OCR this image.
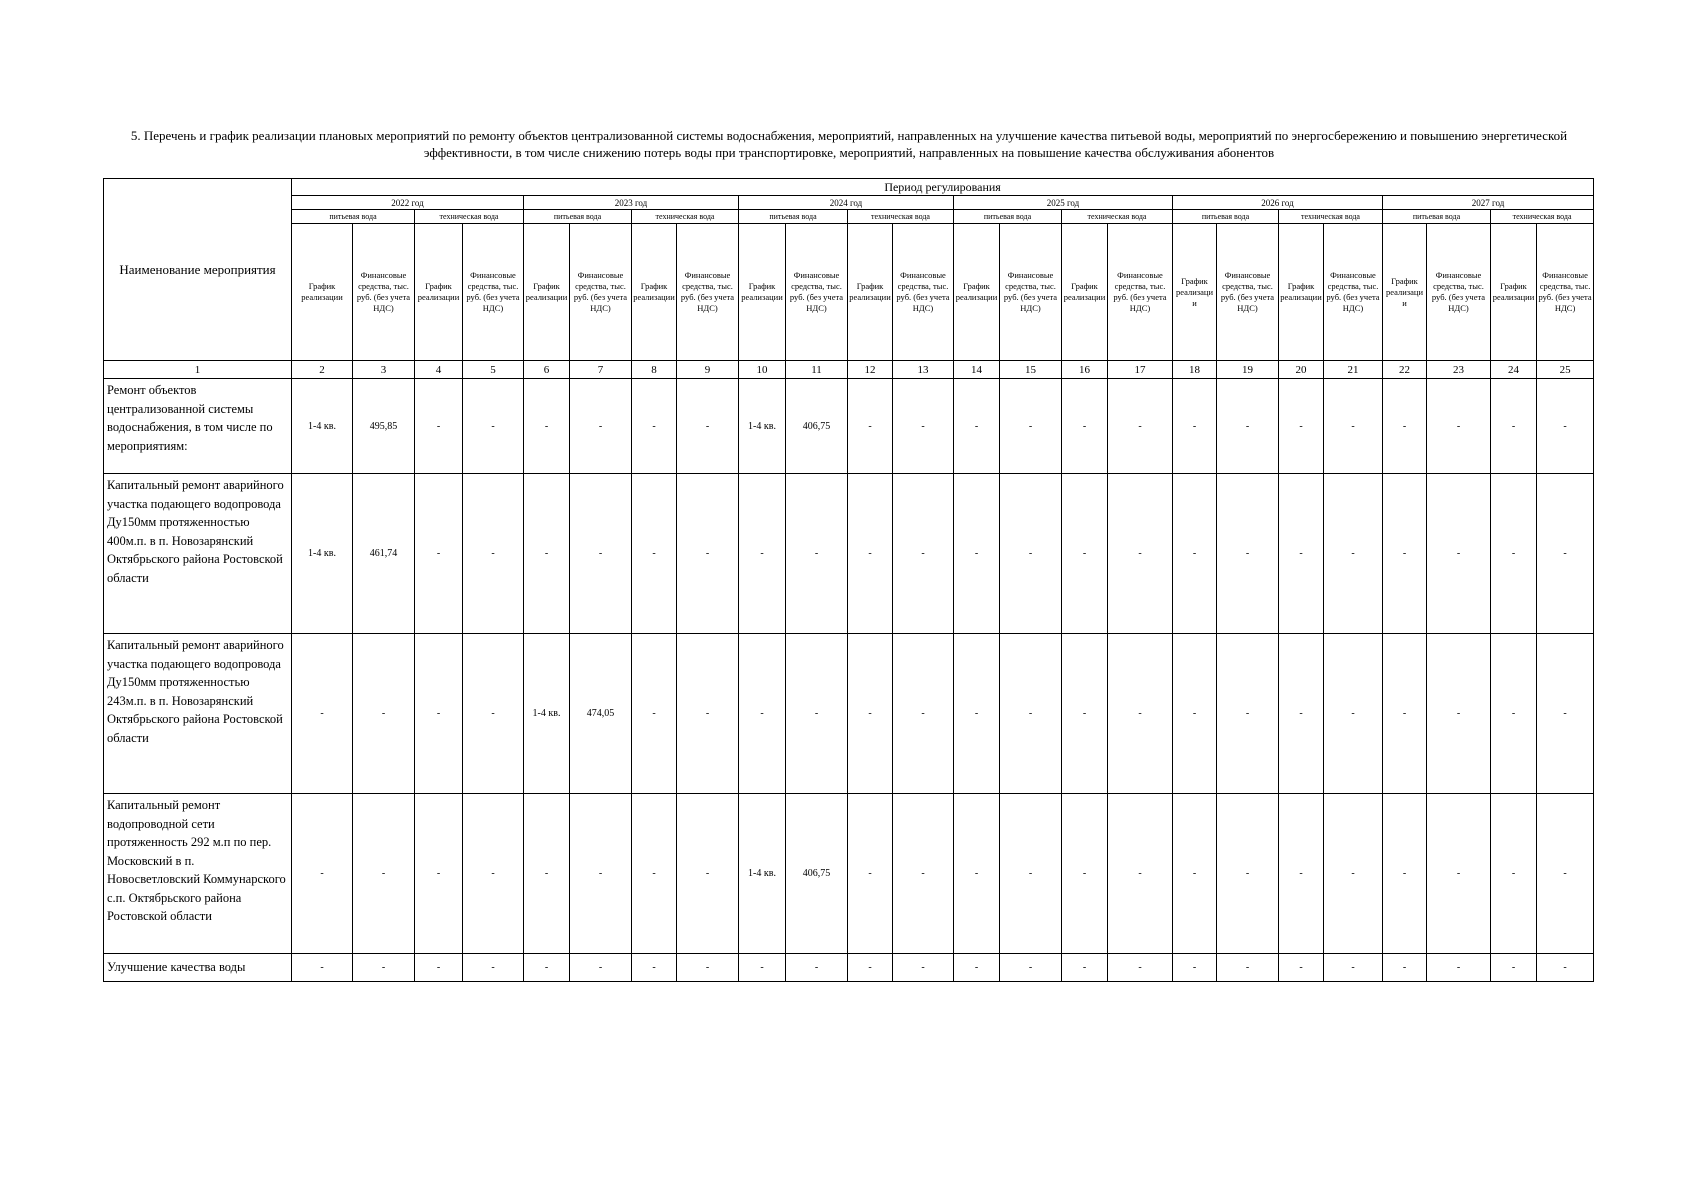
5. Перечень и график реализации плановых мероприятий по ремонту объектов централизованной системы водоснабжения, мероприятий, направленных на улучшение качества питьевой воды, мероприятий по энергосбережению и повышению энергетической эффективности, в том числе снижению потерь воды при транспортировке, мероприятий, направленных на повышение качества обслуживания абонентов
Наименование мероприятия	Период регулирования																							
	2022 год				2023 год				2024 год				2025 год				2026 год				2027 год			
	питьевая вода		техническая вода		питьевая вода		техническая вода		питьевая вода		техническая вода		питьевая вода		техническая вода		питьевая вода		техническая вода		питьевая вода		техническая вода	
	График реализации	Финансовые средства, тыс. руб. (без учета НДС)	График реализации	Финансовые средства, тыс. руб. (без учета НДС)	График реализации	Финансовые средства, тыс. руб. (без учета НДС)	График реализации	Финансовые средства, тыс. руб. (без учета НДС)	График реализации	Финансовые средства, тыс. руб. (без учета НДС)	График реализации	Финансовые средства, тыс. руб. (без учета НДС)	График реализации	Финансовые средства, тыс. руб. (без учета НДС)	График реализации	Финансовые средства, тыс. руб. (без учета НДС)	График реализации	Финансовые средства, тыс. руб. (без учета НДС)	График реализации	Финансовые средства, тыс. руб. (без учета НДС)	График реализации	Финансовые средства, тыс. руб. (без учета НДС)	График реализации	Финансовые средства, тыс. руб. (без учета НДС)
1	2	3	4	5	6	7	8	9	10	11	12	13	14	15	16	17	18	19	20	21	22	23	24	25
Ремонт объектов централизованной системы водоснабжения, в том числе по мероприятиям:	1-4 кв.	495,85	-	-	-	-	-	-	1-4 кв.	406,75	-	-	-	-	-	-	-	-	-	-	-	-	-	-
Капитальный ремонт аварийного участка подающего водопровода Ду150мм протяженностью 400м.п. в п. Новозарянский Октябрьского района Ростовской области	1-4 кв.	461,74	-	-	-	-	-	-	-	-	-	-	-	-	-	-	-	-	-	-	-	-	-	-
Капитальный ремонт аварийного участка подающего водопровода Ду150мм протяженностью 243м.п. в п. Новозарянский Октябрьского района Ростовской области	-	-	-	-	1-4 кв.	474,05	-	-	-	-	-	-	-	-	-	-	-	-	-	-	-	-	-	-
Капитальный ремонт водопроводной сети протяженность 292 м.п по пер. Московский в п. Новосветловский Коммунарского с.п. Октябрьского района Ростовской области	-	-	-	-	-	-	-	-	1-4 кв.	406,75	-	-	-	-	-	-	-	-	-	-	-	-	-	-
Улучшение качества воды	-	-	-	-	-	-	-	-	-	-	-	-	-	-	-	-	-	-	-	-	-	-	-	-
